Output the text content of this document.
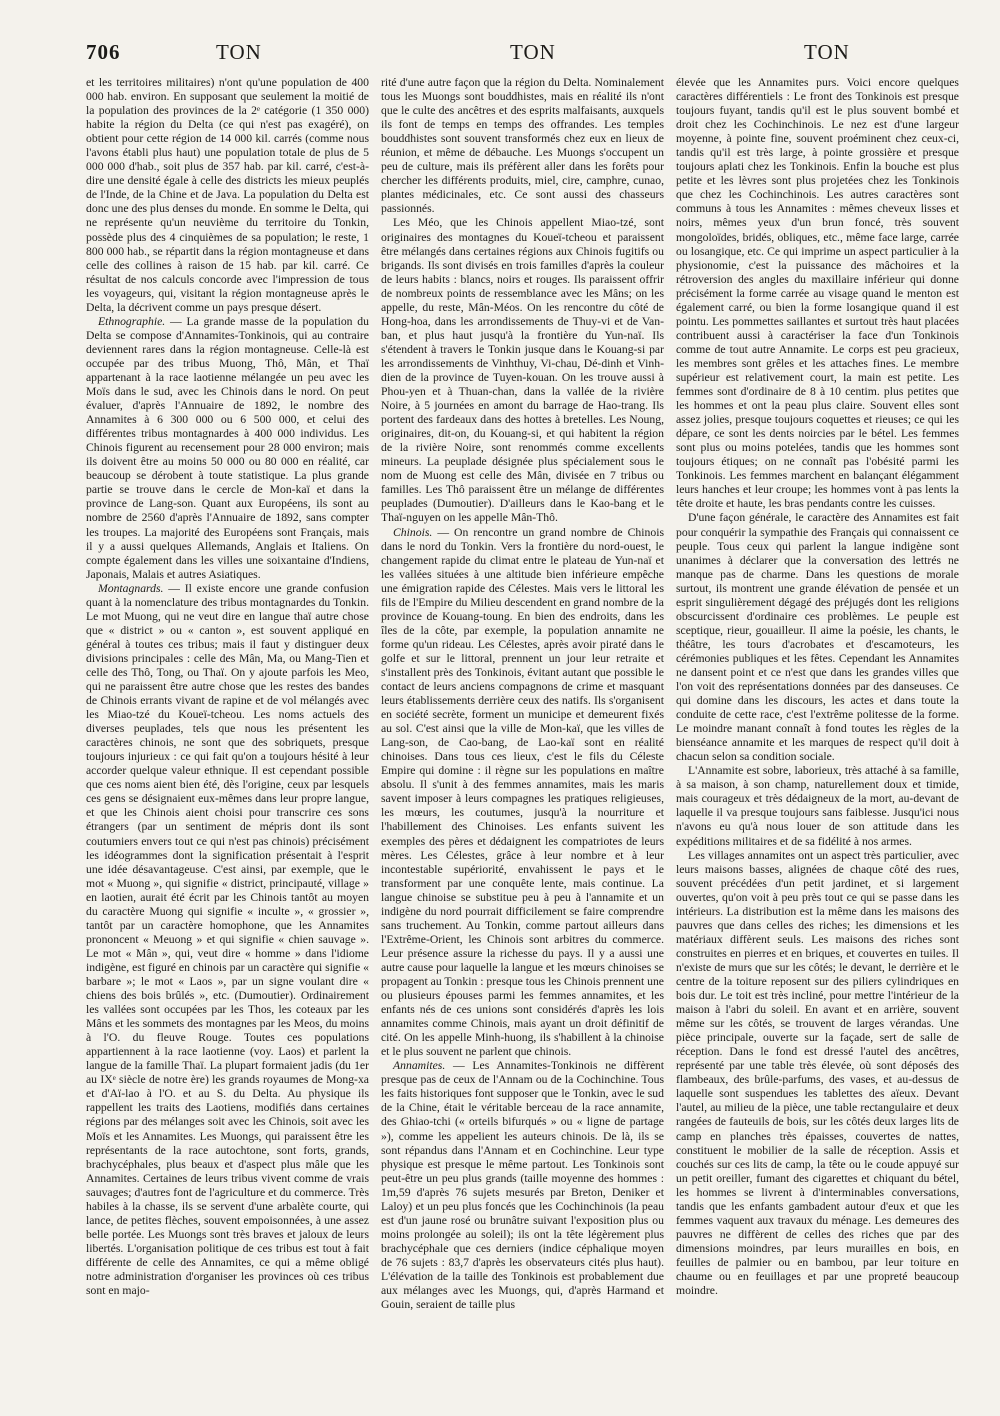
706	TON	TON	TON

et les territoires militaires) n'ont qu'une population de 400 000 hab. environ. En supposant que seulement la moitié de la population des provinces de la 2ᵉ catégorie (1 350 000) habite la région du Delta (ce qui n'est pas exagéré), on obtient pour cette région de 14 000 kil. carrés (comme nous l'avons établi plus haut) une population totale de plus de 5 000 000 d'hab., soit plus de 357 hab. par kil. carré, c'est-à-dire une densité égale à celle des districts les mieux peuplés de l'Inde, de la Chine et de Java. La population du Delta est donc une des plus denses du monde. En somme le Delta, qui ne représente qu'un neuvième du territoire du Tonkin, possède plus des 4 cinquièmes de sa population; le reste, 1 800 000 hab., se répartit dans la région montagneuse et dans celle des collines à raison de 15 hab. par kil. carré. Ce résultat de nos calculs concorde avec l'impression de tous les voyageurs, qui, visitant la région montagneuse après le Delta, la décrivent comme un pays presque désert.

Ethnographie. — La grande masse de la population du Delta se compose d'Annamites-Tonkinois, qui au contraire deviennent rares dans la région montagneuse. Celle-là est occupée par des tribus Muong, Thô, Mân, et Thaï appartenant à la race laotienne mélangée un peu avec les Moïs dans le sud, avec les Chinois dans le nord. On peut évaluer, d'après l'Annuaire de 1892, le nombre des Annamites à 6 300 000 ou 6 500 000, et celui des différentes tribus montagnardes à 400 000 individus. Les Chinois figurent au recensement pour 28 000 environ; mais ils doivent être au moins 50 000 ou 80 000 en réalité, car beaucoup se dérobent à toute statistique. La plus grande partie se trouve dans le cercle de Mon-kaï et dans la province de Lang-son. Quant aux Européens, ils sont au nombre de 2560 d'après l'Annuaire de 1892, sans compter les troupes. La majorité des Européens sont Français, mais il y a aussi quelques Allemands, Anglais et Italiens. On compte également dans les villes une soixantaine d'Indiens, Japonais, Malais et autres Asiatiques.

Montagnards. — Il existe encore une grande confusion quant à la nomenclature des tribus montagnardes du Tonkin. Le mot Muong, qui ne veut dire en langue thaï autre chose que « district » ou « canton », est souvent appliqué en général à toutes ces tribus; mais il faut y distinguer deux divisions principales : celle des Mân, Ma, ou Mang-Tien et celle des Thô, Tong, ou Thaï. On y ajoute parfois les Meo, qui ne paraissent être autre chose que les restes des bandes de Chinois errants vivant de rapine et de vol mélangés avec les Miao-tzé du Koueï-tcheou. Les noms actuels des diverses peuplades, tels que nous les présentent les caractères chinois, ne sont que des sobriquets, presque toujours injurieux : ce qui fait qu'on a toujours hésité à leur accorder quelque valeur ethnique. Il est cependant possible que ces noms aient bien été, dès l'origine, ceux par lesquels ces gens se désignaient eux-mêmes dans leur propre langue, et que les Chinois aient choisi pour transcrire ces sons étrangers (par un sentiment de mépris dont ils sont coutumiers envers tout ce qui n'est pas chinois) précisément les idéogrammes dont la signification présentait à l'esprit une idée désavantageuse. C'est ainsi, par exemple, que le mot « Muong », qui signifie « district, principauté, village » en laotien, aurait été écrit par les Chinois tantôt au moyen du caractère Muong qui signifie « inculte », « grossier », tantôt par un caractère homophone, que les Annamites prononcent « Meuong » et qui signifie « chien sauvage ». Le mot « Mân », qui, veut dire « homme » dans l'idiome indigène, est figuré en chinois par un caractère qui signifie « barbare »; le mot « Laos », par un signe voulant dire « chiens des bois brûlés », etc. (Dumoutier). Ordinairement les vallées sont occupées par les Thos, les coteaux par les Mâns et les sommets des montagnes par les Meos, du moins à l'O. du fleuve Rouge. Toutes ces populations appartiennent à la race laotienne (voy. Laos) et parlent la langue de la famille Thaï. La plupart formaient jadis (du 1er au IXᵉ siècle de notre ère) les grands royaumes de Mong-xa et d'Aï-lao à l'O. et au S. du Delta. Au physique ils rappellent les traits des Laotiens, modifiés dans certaines régions par des mélanges soit avec les Chinois, soit avec les Moïs et les Annamites. Les Muongs, qui paraissent être les représentants de la race autochtone, sont forts, grands, brachycéphales, plus beaux et d'aspect plus mâle que les Annamites. Certaines de leurs tribus vivent comme de vrais sauvages; d'autres font de l'agriculture et du commerce. Très habiles à la chasse, ils se servent d'une arbalète courte, qui lance, de petites flèches, souvent empoisonnées, à une assez belle portée. Les Muongs sont très braves et jaloux de leurs libertés. L'organisation politique de ces tribus est tout à fait différente de celle des Annamites, ce qui a même obligé notre administration d'organiser les provinces où ces tribus sont en majo-

rité d'une autre façon que la région du Delta. Nominalement tous les Muongs sont bouddhistes, mais en réalité ils n'ont que le culte des ancêtres et des esprits malfaisants, auxquels ils font de temps en temps des offrandes. Les temples bouddhistes sont souvent transformés chez eux en lieux de réunion, et même de débauche. Les Muongs s'occupent un peu de culture, mais ils préfèrent aller dans les forêts pour chercher les différents produits, miel, cire, camphre, cunao, plantes médicinales, etc. Ce sont aussi des chasseurs passionnés.

Les Méo, que les Chinois appellent Miao-tzé, sont originaires des montagnes du Koueï-tcheou et paraissent être mélangés dans certaines régions aux Chinois fugitifs ou brigands. Ils sont divisés en trois familles d'après la couleur de leurs habits : blancs, noirs et rouges. Ils paraissent offrir de nombreux points de ressemblance avec les Mâns; on les appelle, du reste, Mân-Méos. On les rencontre du côté de Hong-hoa, dans les arrondissements de Thuy-vi et de Van-ban, et plus haut jusqu'à la frontière du Yun-naï. Ils s'étendent à travers le Tonkin jusque dans le Kouang-si par les arrondissements de Vinhthuy, Vi-chau, Dé-dinh et Vinh-dien de la province de Tuyen-kouan. On les trouve aussi à Phou-yen et à Thuan-chan, dans la vallée de la rivière Noire, à 5 journées en amont du barrage de Hao-trang. Ils portent des fardeaux dans des hottes à bretelles. Les Noung, originaires, dit-on, du Kouang-si, et qui habitent la région de la rivière Noire, sont renommés comme excellents mineurs. La peuplade désignée plus spécialement sous le nom de Muong est celle des Mân, divisée en 7 tribus ou familles. Les Thô paraissent être un mélange de différentes peuplades (Dumoutier). D'ailleurs dans le Kao-bang et le Thaï-nguyen on les appelle Mân-Thô.

Chinois. — On rencontre un grand nombre de Chinois dans le nord du Tonkin. Vers la frontière du nord-ouest, le changement rapide du climat entre le plateau de Yun-naï et les vallées situées à une altitude bien inférieure empêche une émigration rapide des Célestes. Mais vers le littoral les fils de l'Empire du Milieu descendent en grand nombre de la province de Kouang-toung. En bien des endroits, dans les îles de la côte, par exemple, la population annamite ne forme qu'un rideau. Les Célestes, après avoir piraté dans le golfe et sur le littoral, prennent un jour leur retraite et s'installent près des Tonkinois, évitant autant que possible le contact de leurs anciens compagnons de crime et masquant leurs établissements derrière ceux des natifs. Ils s'organisent en société secrète, forment un municipe et demeurent fixés au sol. C'est ainsi que la ville de Mon-kaï, que les villes de Lang-son, de Cao-bang, de Lao-kaï sont en réalité chinoises. Dans tous ces lieux, c'est le fils du Céleste Empire qui domine : il règne sur les populations en maître absolu. Il s'unit à des femmes annamites, mais les maris savent imposer à leurs compagnes les pratiques religieuses, les mœurs, les coutumes, jusqu'à la nourriture et l'habillement des Chinoises. Les enfants suivent les exemples des pères et dédaignent les compatriotes de leurs mères. Les Célestes, grâce à leur nombre et à leur incontestable supériorité, envahissent le pays et le transforment par une conquête lente, mais continue. La langue chinoise se substitue peu à peu à l'annamite et un indigène du nord pourrait difficilement se faire comprendre sans truchement. Au Tonkin, comme partout ailleurs dans l'Extrême-Orient, les Chinois sont arbitres du commerce. Leur présence assure la richesse du pays. Il y a aussi une autre cause pour laquelle la langue et les mœurs chinoises se propagent au Tonkin : presque tous les Chinois prennent une ou plusieurs épouses parmi les femmes annamites, et les enfants nés de ces unions sont considérés d'après les lois annamites comme Chinois, mais ayant un droit définitif de cité. On les appelle Minh-huong, ils s'habillent à la chinoise et le plus souvent ne parlent que chinois.

Annamites. — Les Annamites-Tonkinois ne diffèrent presque pas de ceux de l'Annam ou de la Cochinchine. Tous les faits historiques font supposer que le Tonkin, avec le sud de la Chine, était le véritable berceau de la race annamite, des Ghiao-tchi (« orteils bifurqués » ou « ligne de partage »), comme les appelient les auteurs chinois. De là, ils se sont répandus dans l'Annam et en Cochinchine. Leur type physique est presque le même partout. Les Tonkinois sont peut-être un peu plus grands (taille moyenne des hommes : 1m,59 d'après 76 sujets mesurés par Breton, Deniker et Laloy) et un peu plus foncés que les Cochinchinois (la peau est d'un jaune rosé ou brunâtre suivant l'exposition plus ou moins prolongée au soleil); ils ont la tête légèrement plus brachycéphale que ces derniers (indice céphalique moyen de 76 sujets : 83,7 d'après les observateurs cités plus haut). L'élévation de la taille des Tonkinois est probablement due aux mélanges avec les Muongs, qui, d'après Harmand et Gouin, seraient de taille plus

élevée que les Annamites purs. Voici encore quelques caractères différentiels : Le front des Tonkinois est presque toujours fuyant, tandis qu'il est le plus souvent bombé et droit chez les Cochinchinois. Le nez est d'une largeur moyenne, à pointe fine, souvent proéminent chez ceux-ci, tandis qu'il est très large, à pointe grossière et presque toujours aplati chez les Tonkinois. Enfin la bouche est plus petite et les lèvres sont plus projetées chez les Tonkinois que chez les Cochinchinois. Les autres caractères sont communs à tous les Annamites : mêmes cheveux lisses et noirs, mêmes yeux d'un brun foncé, très souvent mongoloïdes, bridés, obliques, etc., même face large, carrée ou losangique, etc. Ce qui imprime un aspect particulier à la physionomie, c'est la puissance des mâchoires et la rétroversion des angles du maxillaire inférieur qui donne précisément la forme carrée au visage quand le menton est également carré, ou bien la forme losangique quand il est pointu. Les pommettes saillantes et surtout très haut placées contribuent aussi à caractériser la face d'un Tonkinois comme de tout autre Annamite. Le corps est peu gracieux, les membres sont grêles et les attaches fines. Le membre supérieur est relativement court, la main est petite. Les femmes sont d'ordinaire de 8 à 10 centim. plus petites que les hommes et ont la peau plus claire. Souvent elles sont assez jolies, presque toujours coquettes et rieuses; ce qui les dépare, ce sont les dents noircies par le bétel. Les femmes sont plus ou moins potelées, tandis que les hommes sont toujours étiques; on ne connaît pas l'obésité parmi les Tonkinois. Les femmes marchent en balançant élégamment leurs hanches et leur croupe; les hommes vont à pas lents la tête droite et haute, les bras pendants contre les cuisses.

D'une façon générale, le caractère des Annamites est fait pour conquérir la sympathie des Français qui connaissent ce peuple. Tous ceux qui parlent la langue indigène sont unanimes à déclarer que la conversation des lettrés ne manque pas de charme. Dans les questions de morale surtout, ils montrent une grande élévation de pensée et un esprit singulièrement dégagé des préjugés dont les religions obscurcissent d'ordinaire ces problèmes. Le peuple est sceptique, rieur, gouailleur. Il aime la poésie, les chants, le théâtre, les tours d'acrobates et d'escamoteurs, les cérémonies publiques et les fêtes. Cependant les Annamites ne dansent point et ce n'est que dans les grandes villes que l'on voit des représentations données par des danseuses. Ce qui domine dans les discours, les actes et dans toute la conduite de cette race, c'est l'extrême politesse de la forme. Le moindre manant connaît à fond toutes les règles de la bienséance annamite et les marques de respect qu'il doit à chacun selon sa condition sociale.

L'Annamite est sobre, laborieux, très attaché à sa famille, à sa maison, à son champ, naturellement doux et timide, mais courageux et très dédaigneux de la mort, au-devant de laquelle il va presque toujours sans faiblesse. Jusqu'ici nous n'avons eu qu'à nous louer de son attitude dans les expéditions militaires et de sa fidélité à nos armes.

Les villages annamites ont un aspect très particulier, avec leurs maisons basses, alignées de chaque côté des rues, souvent précédées d'un petit jardinet, et si largement ouvertes, qu'on voit à peu près tout ce qui se passe dans les intérieurs. La distribution est la même dans les maisons des pauvres que dans celles des riches; les dimensions et les matériaux diffèrent seuls. Les maisons des riches sont construites en pierres et en briques, et couvertes en tuiles. Il n'existe de murs que sur les côtés; le devant, le derrière et le centre de la toiture reposent sur des piliers cylindriques en bois dur. Le toit est très incliné, pour mettre l'intérieur de la maison à l'abri du soleil. En avant et en arrière, souvent même sur les côtés, se trouvent de larges vérandas. Une pièce principale, ouverte sur la façade, sert de salle de réception. Dans le fond est dressé l'autel des ancêtres, représenté par une table très élevée, où sont déposés des flambeaux, des brûle-parfums, des vases, et au-dessus de laquelle sont suspendues les tablettes des aïeux. Devant l'autel, au milieu de la pièce, une table rectangulaire et deux rangées de fauteuils de bois, sur les côtés deux larges lits de camp en planches très épaisses, couvertes de nattes, constituent le mobilier de la salle de réception. Assis et couchés sur ces lits de camp, la tête ou le coude appuyé sur un petit oreiller, fumant des cigarettes et chiquant du bétel, les hommes se livrent à d'interminables conversations, tandis que les enfants gambadent autour d'eux et que les femmes vaquent aux travaux du ménage. Les demeures des pauvres ne diffèrent de celles des riches que par des dimensions moindres, par leurs murailles en bois, en feuilles de palmier ou en bambou, par leur toiture en chaume ou en feuillages et par une propreté beaucoup moindre.
